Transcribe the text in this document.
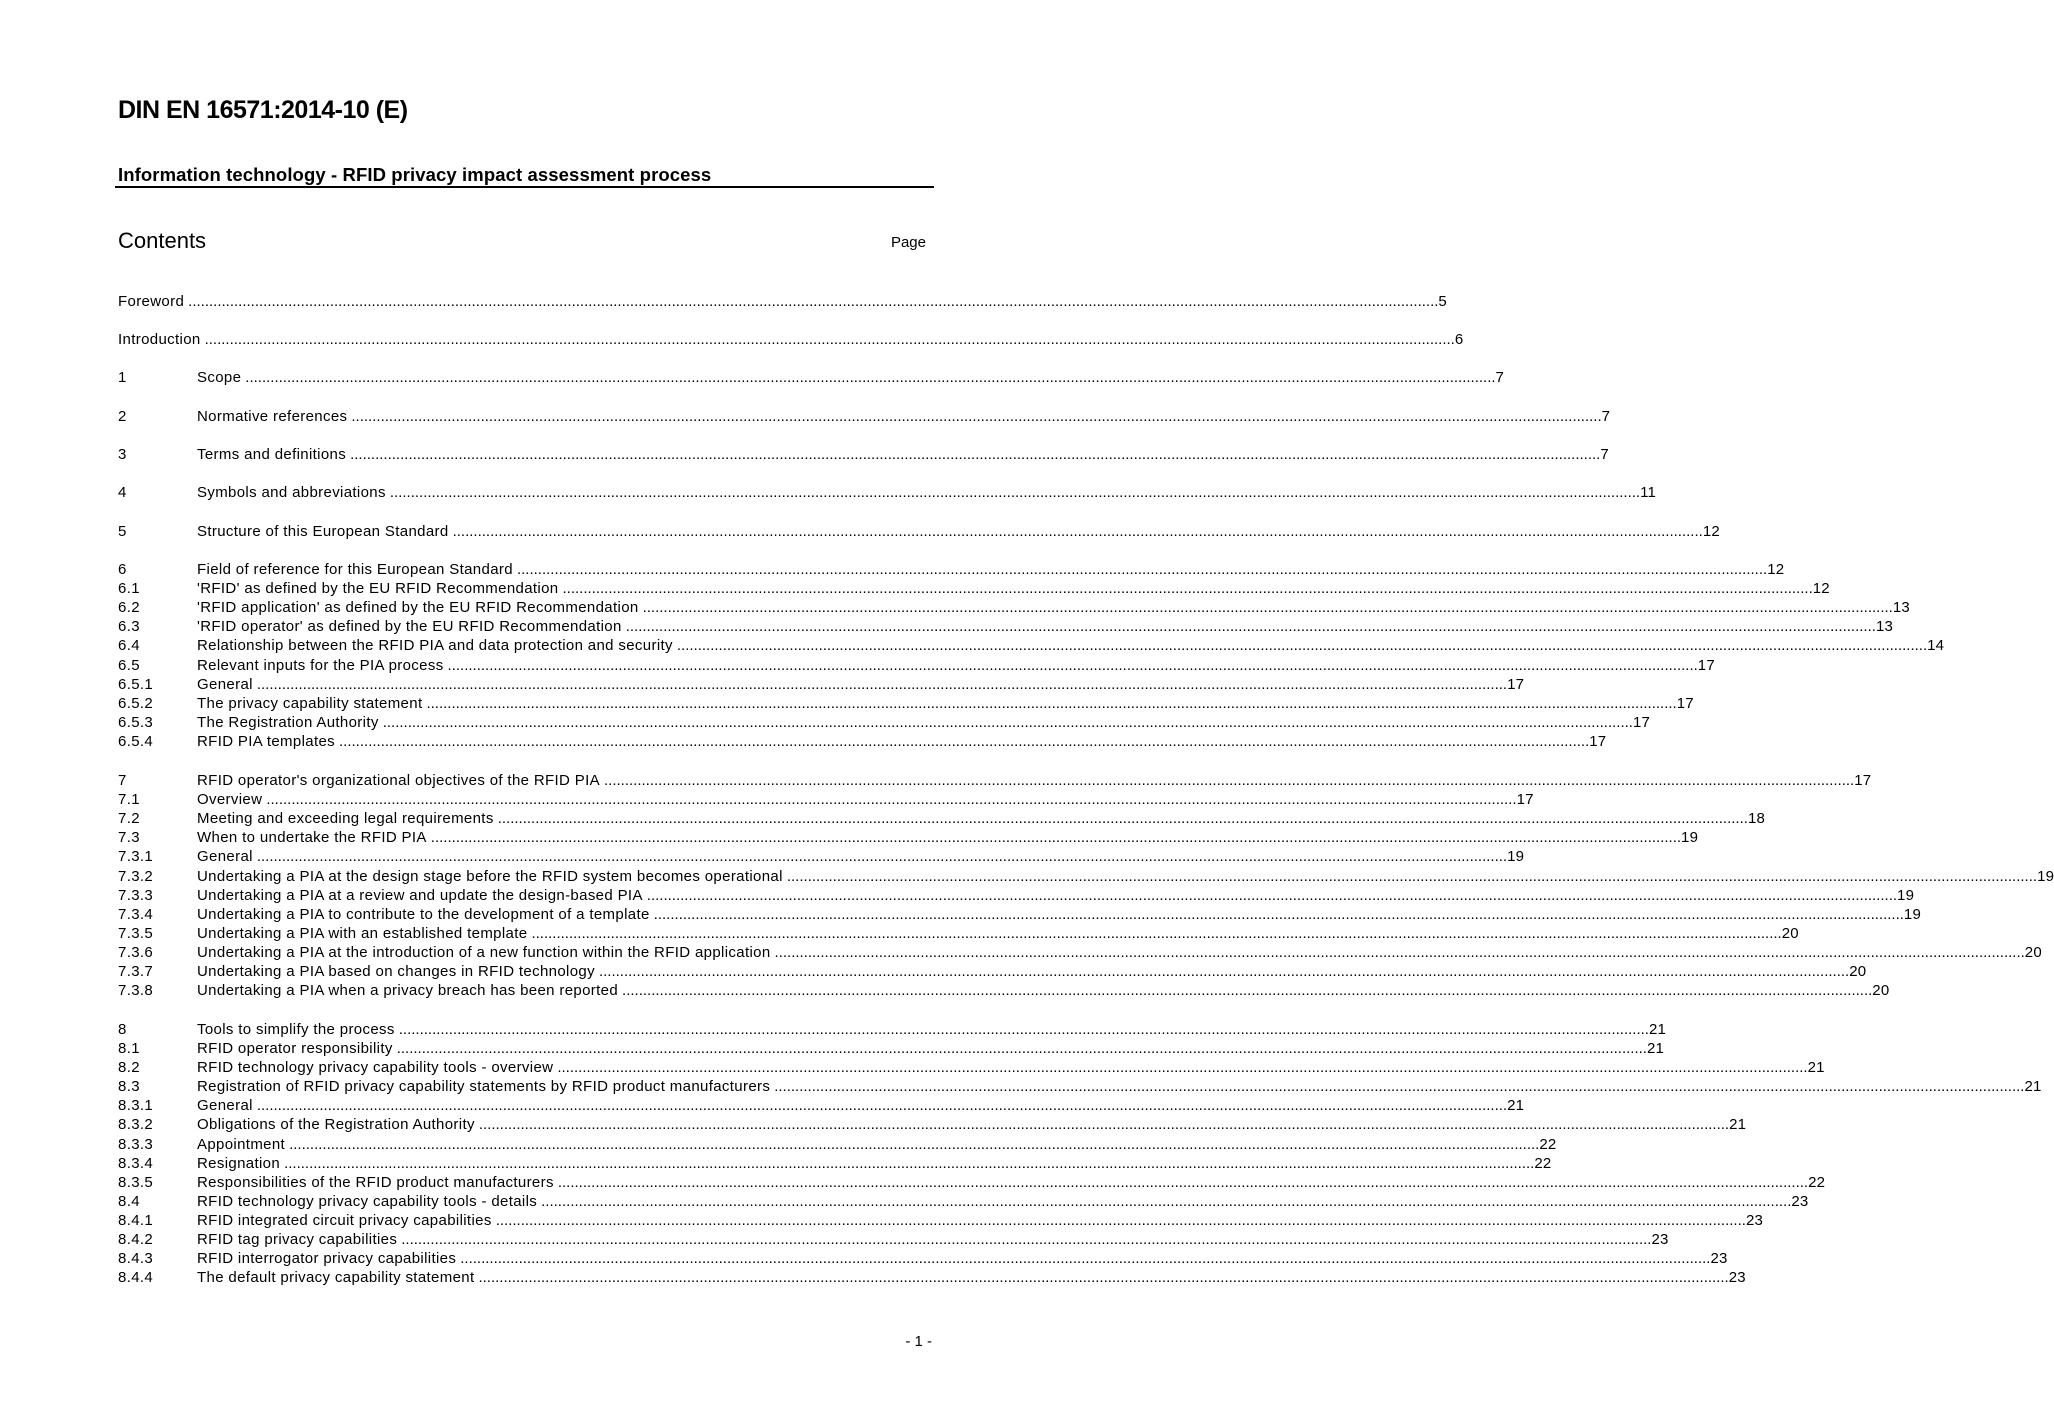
DIN EN 16571:2014-10 (E)
Information technology - RFID privacy impact assessment process
Contents	Page
Foreword ............................................................................................................................................................................................................................................................................................................ 5
Introduction ............................................................................................................................................................................................................................................................................................................ 6
1	Scope ............................................................................................................................................................................................................................................................................................................ 7
2	Normative references ............................................................................................................................................................................................................................................................................................................ 7
3	Terms and definitions ............................................................................................................................................................................................................................................................................................................ 7
4	Symbols and abbreviations ............................................................................................................................................................................................................................................................................................................ 11
5	Structure of this European Standard ............................................................................................................................................................................................................................................................................................................ 12
6	Field of reference for this European Standard ............................................................................................................................................................................................................................................................................................................ 12
6.1	'RFID' as defined by the EU RFID Recommendation ............................................................................................................................................................................................................................................................................................................ 12
6.2	'RFID application' as defined by the EU RFID Recommendation ............................................................................................................................................................................................................................................................................................................ 13
6.3	'RFID operator' as defined by the EU RFID Recommendation ............................................................................................................................................................................................................................................................................................................ 13
6.4	Relationship between the RFID PIA and data protection and security ............................................................................................................................................................................................................................................................................................................ 14
6.5	Relevant inputs for the PIA process ............................................................................................................................................................................................................................................................................................................ 17
6.5.1	General ............................................................................................................................................................................................................................................................................................................ 17
6.5.2	The privacy capability statement ............................................................................................................................................................................................................................................................................................................ 17
6.5.3	The Registration Authority ............................................................................................................................................................................................................................................................................................................ 17
6.5.4	RFID PIA templates ............................................................................................................................................................................................................................................................................................................ 17
7	RFID operator's organizational objectives of the RFID PIA ............................................................................................................................................................................................................................................................................................................ 17
7.1	Overview ............................................................................................................................................................................................................................................................................................................ 17
7.2	Meeting and exceeding legal requirements ............................................................................................................................................................................................................................................................................................................ 18
7.3	When to undertake the RFID PIA ............................................................................................................................................................................................................................................................................................................ 19
7.3.1	General ............................................................................................................................................................................................................................................................................................................ 19
7.3.2	Undertaking a PIA at the design stage before the RFID system becomes operational ............................................................................................................................................................................................................................................................................................................ 19
7.3.3	Undertaking a PIA at a review and update the design-based PIA ............................................................................................................................................................................................................................................................................................................ 19
7.3.4	Undertaking a PIA to contribute to the development of a template ............................................................................................................................................................................................................................................................................................................ 19
7.3.5	Undertaking a PIA with an established template ............................................................................................................................................................................................................................................................................................................ 20
7.3.6	Undertaking a PIA at the introduction of a new function within the RFID application ............................................................................................................................................................................................................................................................................................................ 20
7.3.7	Undertaking a PIA based on changes in RFID technology ............................................................................................................................................................................................................................................................................................................ 20
7.3.8	Undertaking a PIA when a privacy breach has been reported ............................................................................................................................................................................................................................................................................................................ 20
8	Tools to simplify the process ............................................................................................................................................................................................................................................................................................................ 21
8.1	RFID operator responsibility ............................................................................................................................................................................................................................................................................................................ 21
8.2	RFID technology privacy capability tools - overview ............................................................................................................................................................................................................................................................................................................ 21
8.3	Registration of RFID privacy capability statements by RFID product manufacturers ............................................................................................................................................................................................................................................................................................................ 21
8.3.1	General ............................................................................................................................................................................................................................................................................................................ 21
8.3.2	Obligations of the Registration Authority ............................................................................................................................................................................................................................................................................................................ 21
8.3.3	Appointment ............................................................................................................................................................................................................................................................................................................ 22
8.3.4	Resignation ............................................................................................................................................................................................................................................................................................................ 22
8.3.5	Responsibilities of the RFID product manufacturers ............................................................................................................................................................................................................................................................................................................ 22
8.4	RFID technology privacy capability tools - details ............................................................................................................................................................................................................................................................................................................ 23
8.4.1	RFID integrated circuit privacy capabilities ............................................................................................................................................................................................................................................................................................................ 23
8.4.2	RFID tag privacy capabilities ............................................................................................................................................................................................................................................................................................................ 23
8.4.3	RFID interrogator privacy capabilities ............................................................................................................................................................................................................................................................................................................ 23
8.4.4	The default privacy capability statement ............................................................................................................................................................................................................................................................................................................ 23
- 1 -
